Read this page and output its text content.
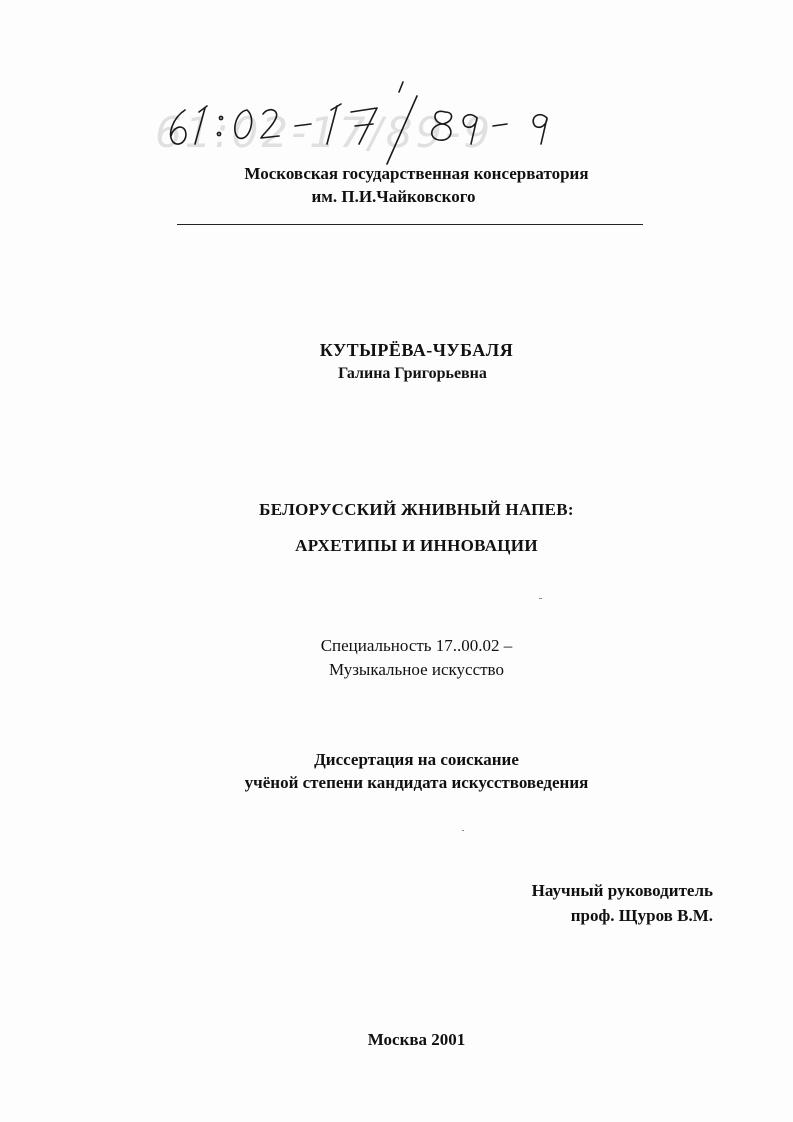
61:02-17/89-9
Московская государственная консерватория
им. П.И.Чайковского
КУТЫРЁВА-ЧУБАЛЯ
Галина Григорьевна
БЕЛОРУССКИЙ ЖНИВНЫЙ НАПЕВ:
АРХЕТИПЫ И ИННОВАЦИИ
Специальность 17..00.02 –
Музыкальное искусство
Диссертация на соискание
учёной степени кандидата искусствоведения
Научный руководитель
проф. Щуров В.М.
Москва 2001
